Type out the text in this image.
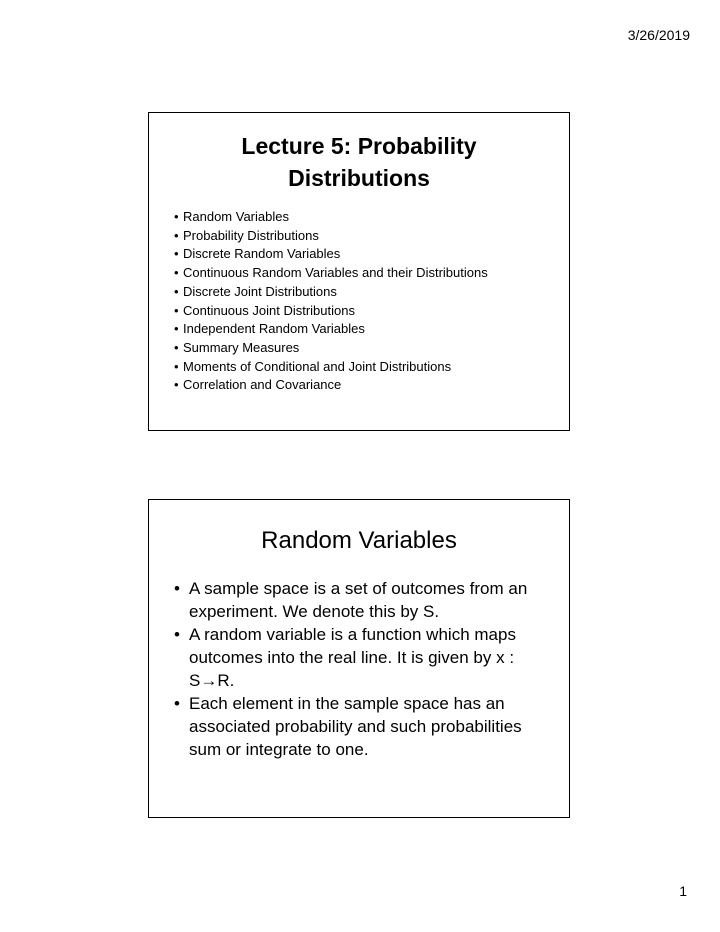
3/26/2019
Lecture 5: Probability
Distributions
• Random Variables
• Probability Distributions
• Discrete Random Variables
• Continuous Random Variables and their Distributions
• Discrete Joint Distributions
• Continuous Joint Distributions
• Independent Random Variables
• Summary Measures
• Moments of Conditional and Joint Distributions
• Correlation and Covariance
Random Variables
• A sample space is a set of outcomes from an experiment. We denote this by S.
• A random variable is a function which maps outcomes into the real line. It is given by x : S→R.
• Each element in the sample space has an associated probability and such probabilities sum or integrate to one.
1
